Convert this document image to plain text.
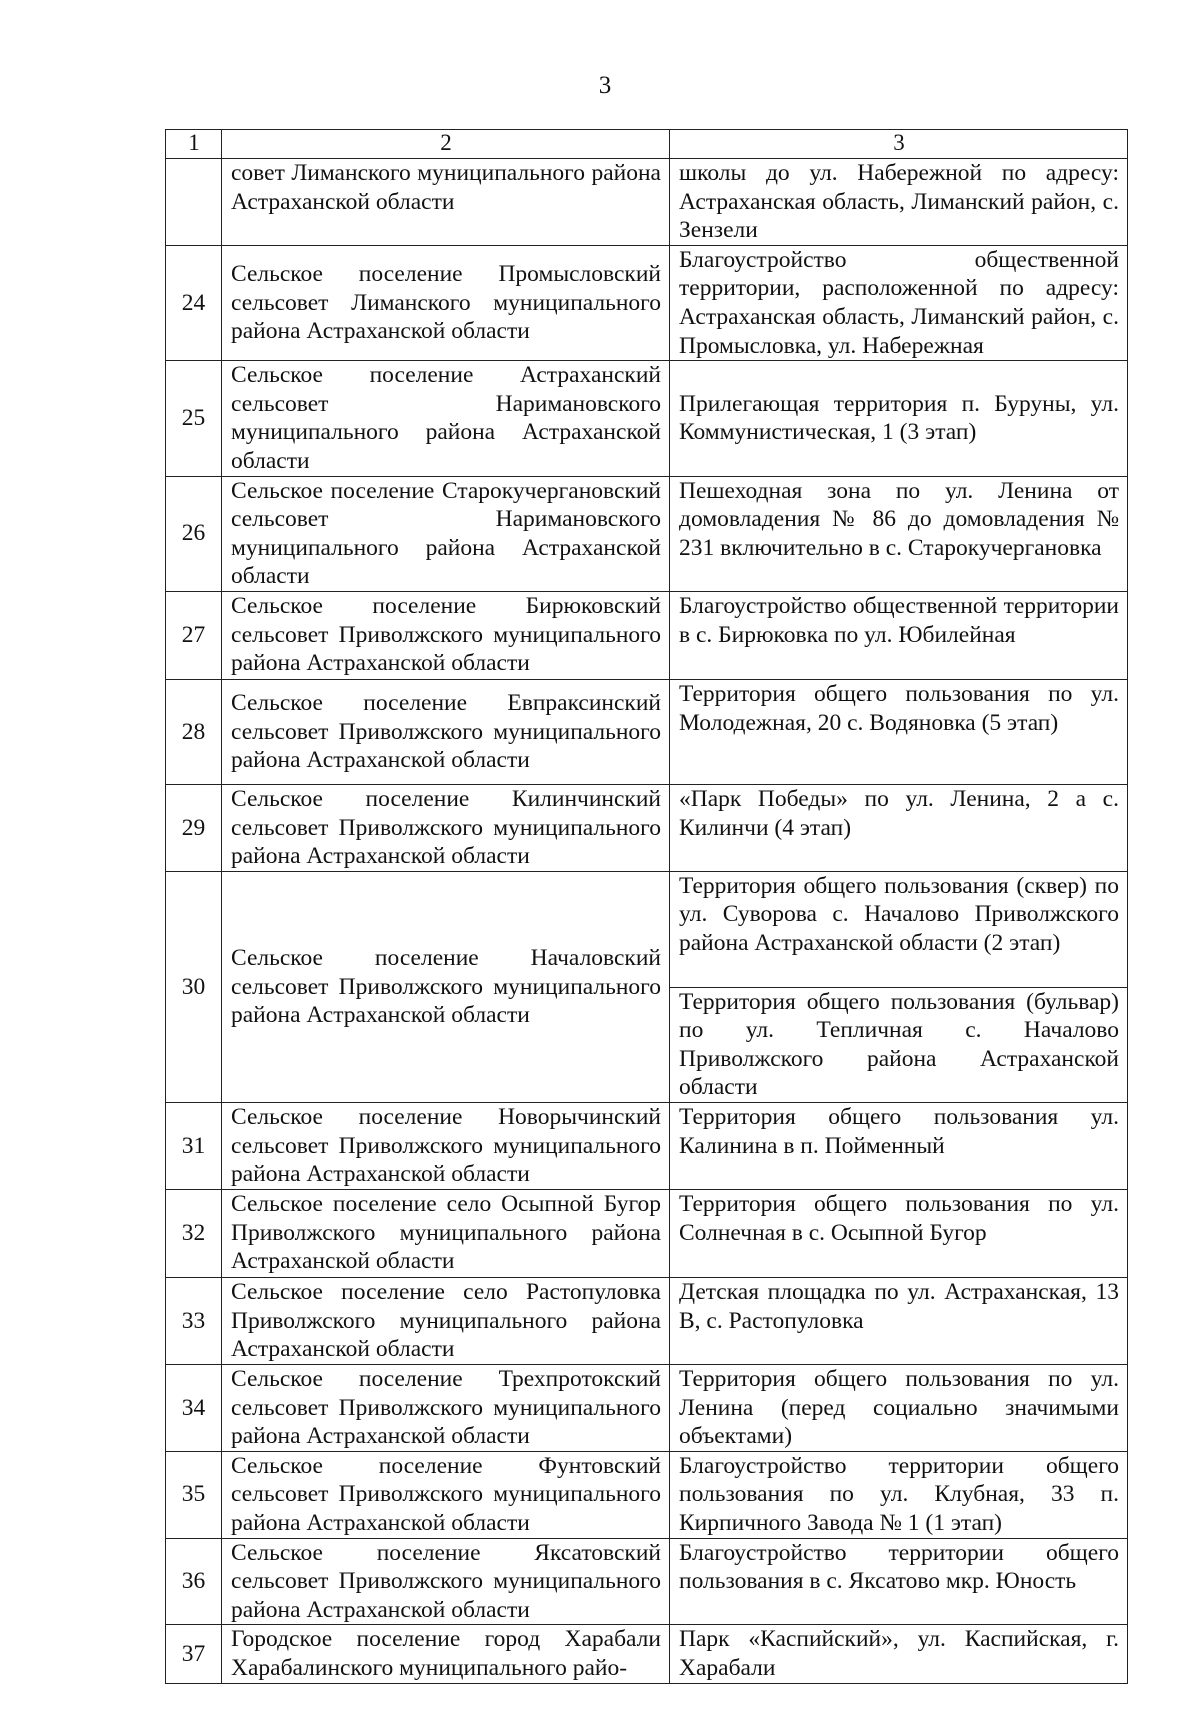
3
1	2	3
	совет Лиманского муниципального района Астраханской области	школы до ул. Набережной по адресу: Астраханская область, Лиманский район, с. Зензели
24	Сельское поселение Промысловский сельсовет Лиманского муниципального района Астраханской области	Благоустройство общественной территории, расположенной по адресу: Астраханская область, Лиманский район, с. Промысловка, ул. Набережная
25	Сельское поселение Астраханский сельсовет Наримановского муниципального района Астраханской области	Прилегающая территория п. Буруны, ул. Коммунистическая, 1 (3 этап)
26	Сельское поселение Старокучергановский сельсовет Наримановского муниципального района Астраханской области	Пешеходная зона по ул. Ленина от домовладения № 86 до домовладения № 231 включительно в с. Старокучергановка
27	Сельское поселение Бирюковский сельсовет Приволжского муниципального района Астраханской области	Благоустройство общественной территории в с. Бирюковка по ул. Юбилейная
28	Сельское поселение Евпраксинский сельсовет Приволжского муниципального района Астраханской области	Территория общего пользования по ул. Молодежная, 20 с. Водяновка (5 этап)
29	Сельское поселение Килинчинский сельсовет Приволжского муниципального района Астраханской области	«Парк Победы» по ул. Ленина, 2 а с. Килинчи (4 этап)
30	Сельское поселение Началовский сельсовет Приволжского муниципального района Астраханской области	Территория общего пользования (сквер) по ул. Суворова с. Началово Приволжского района Астраханской области (2 этап)
		Территория общего пользования (бульвар) по ул. Тепличная с. Началово Приволжского района Астраханской области
31	Сельское поселение Новорычинский сельсовет Приволжского муниципального района Астраханской области	Территория общего пользования ул. Калинина в п. Пойменный
32	Сельское поселение село Осыпной Бугор Приволжского муниципального района Астраханской области	Территория общего пользования по ул. Солнечная в с. Осыпной Бугор
33	Сельское поселение село Растопуловка Приволжского муниципального района Астраханской области	Детская площадка по ул. Астраханская, 13 В, с. Растопуловка
34	Сельское поселение Трехпротокский сельсовет Приволжского муниципального района Астраханской области	Территория общего пользования по ул. Ленина (перед социально значимыми объектами)
35	Сельское поселение Фунтовский сельсовет Приволжского муниципального района Астраханской области	Благоустройство территории общего пользования по ул. Клубная, 33 п. Кирпичного Завода № 1 (1 этап)
36	Сельское поселение Яксатовский сельсовет Приволжского муниципального района Астраханской области	Благоустройство территории общего пользования в с. Яксатово мкр. Юность
37	Городское поселение город Харабали Харабалинского муниципального райо-	Парк «Каспийский», ул. Каспийская, г. Харабали
